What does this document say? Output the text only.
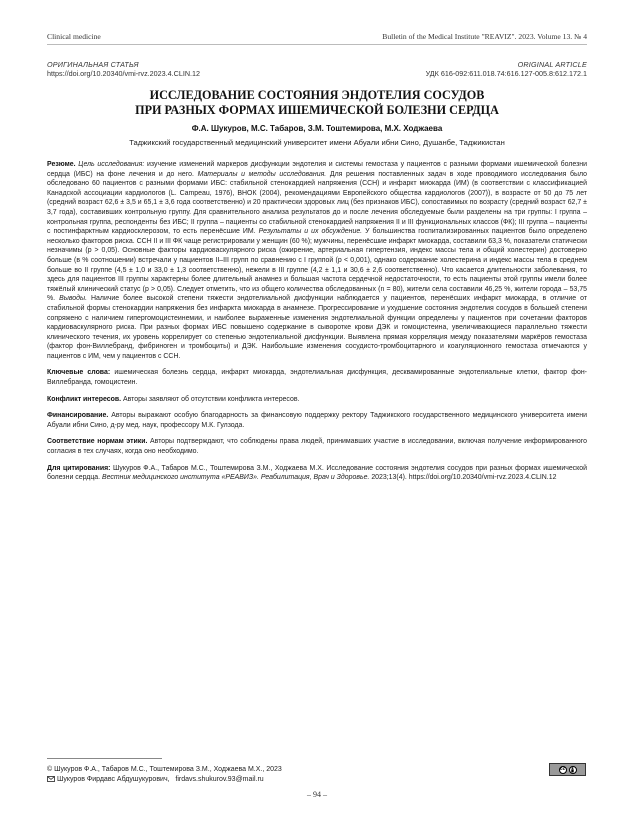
Clinical medicine	Bulletin of the Medical Institute "REAVIZ". 2023. Volume 13. № 4
ОРИГИНАЛЬНАЯ СТАТЬЯ	ORIGINAL ARTICLE
https://doi.org/10.20340/vmi-rvz.2023.4.CLIN.12	УДК 616-092:611.018.74:616.127-005.8:612.172.1
ИССЛЕДОВАНИЕ СОСТОЯНИЯ ЭНДОТЕЛИЯ СОСУДОВ
ПРИ РАЗНЫХ ФОРМАХ ИШЕМИЧЕСКОЙ БОЛЕЗНИ СЕРДЦА
Ф.А. Шукуров, М.С. Табаров, З.М. Тоштемирова, М.Х. Ходжаева
Таджикский государственный медицинский университет имени Абуали ибни Сино, Душанбе, Таджикистан

Резюме. Цель исследования: изучение изменений маркеров дисфункции эндотелия и системы гемостаза у пациентов с разными формами ишемической болезни сердца (ИБС) на фоне лечения и до него. Материалы и методы исследования. Для решения поставленных задач в ходе проводимого исследования было обследовано 60 пациентов с разными формами ИБС: стабильной стенокардией напряжения (ССН) и инфаркт миокарда (ИМ) (в соответствии с классификацией Канадской ассоциации кардиологов (L. Campeau, 1976), ВНОК (2004), рекомендациями Европейского общества кардиологов (2007)), в возрасте от 50 до 75 лет (средний возраст 62,6 ± 3,5 и 65,1 ± 3,6 года соответственно) и 20 практически здоровых лиц (без признаков ИБС), сопоставимых по возрасту (средний возраст 62,7 ± 3,7 года), составивших контрольную группу. Для сравнительного анализа результатов до и после лечения обследуемые были разделены на три группы: I группа – контрольная группа, респонденты без ИБС; II группа – пациенты со стабильной стенокардией напряжения II и III функциональных классов (ФК); III группа – пациенты с постинфарктным кардиосклерозом, то есть перенёсшие ИМ. Результаты и их обсуждение. У большинства госпитализированных пациентов было определено несколько факторов риска. ССН II и III ФК чаще регистрировали у женщин (60 %); мужчины, перенёсшие инфаркт миокарда, составили 63,3 %, показатели статически незначимы (p > 0,05). Основные факторы кардиоваскулярного риска (ожирение, артериальная гипертензия, индекс массы тела и общий холестерин) достоверно больше (в % соотношении) встречали у пациентов II–III групп по сравнению с I группой (p < 0,001), однако содержание холестерина и индекс массы тела в среднем больше во II группе (4,5 ± 1,0 и 33,0 ± 1,3 соответственно), нежели в III группе (4,2 ± 1,1 и 30,6 ± 2,6 соответственно). Что касается длительности заболевания, то здесь для пациентов III группы характерны более длительный анамнез и большая частота сердечной недостаточности, то есть пациенты этой группы имели более тяжёлый клинический статус (p > 0,05). Следует отметить, что из общего количества обследованных (n = 80), жители села составили 46,25 %, жители города – 53,75 %. Выводы. Наличие более высокой степени тяжести эндотелиальной дисфункции наблюдается у пациентов, перенёсших инфаркт миокарда, в отличие от стабильной формы стенокардии напряжения без инфаркта миокарда в анамнезе. Прогрессирование и ухудшение состояния эндотелия сосудов в большей степени сопряжено с наличием гипергомоцистеинемии, и наиболее выраженные изменения эндотелиальной функции определены у пациентов при сочетании факторов кардиоваскулярного риска. При разных формах ИБС повышено содержание в сыворотке крови ДЭК и гомоцистеина, увеличивающиеся параллельно тяжести клинического течения, их уровень коррелирует со степенью эндотелиальной дисфункции. Выявлена прямая корреляция между показателями маркёров гемостаза (фактор фон-Виллебранд, фибриноген и тромбоциты) и ДЭК. Наибольшие изменения сосудисто-тромбоцитарного и коагуляционного гемостаза отмечаются у пациентов с ИМ, чем у пациентов с ССН.

Ключевые слова: ишемическая болезнь сердца, инфаркт миокарда, эндотелиальная дисфункция, десквамированные эндотелиальные клетки, фактор фон-Виллебранда, гомоцистеин.

Конфликт интересов. Авторы заявляют об отсутствии конфликта интересов.

Финансирование. Авторы выражают особую благодарность за финансовую поддержку ректору Таджикского государственного медицинского университета имени Абуали ибни Сино, д-ру мед. наук, профессору М.К. Гулзода.

Соответствие нормам этики. Авторы подтверждают, что соблюдены права людей, принимавших участие в исследовании, включая получение информированного согласия в тех случаях, когда оно необходимо.

Для цитирования: Шукуров Ф.А., Табаров М.С., Тоштемирова З.М., Ходжаева М.Х. Исследование состояния эндотелия сосудов при разных формах ишемической болезни сердца. Вестник медицинского института «РЕАВИЗ». Реабилитация, Врач и Здоровье. 2023;13(4). https://doi.org/10.20340/vmi-rvz.2023.4.CLIN.12

© Шукуров Ф.А., Табаров М.С., Тоштемирова З.М., Ходжаева М.Х., 2023
Шукуров Фирдавс Абдушукурович, firdavs.shukurov.93@mail.ru
cc
– 94 –
